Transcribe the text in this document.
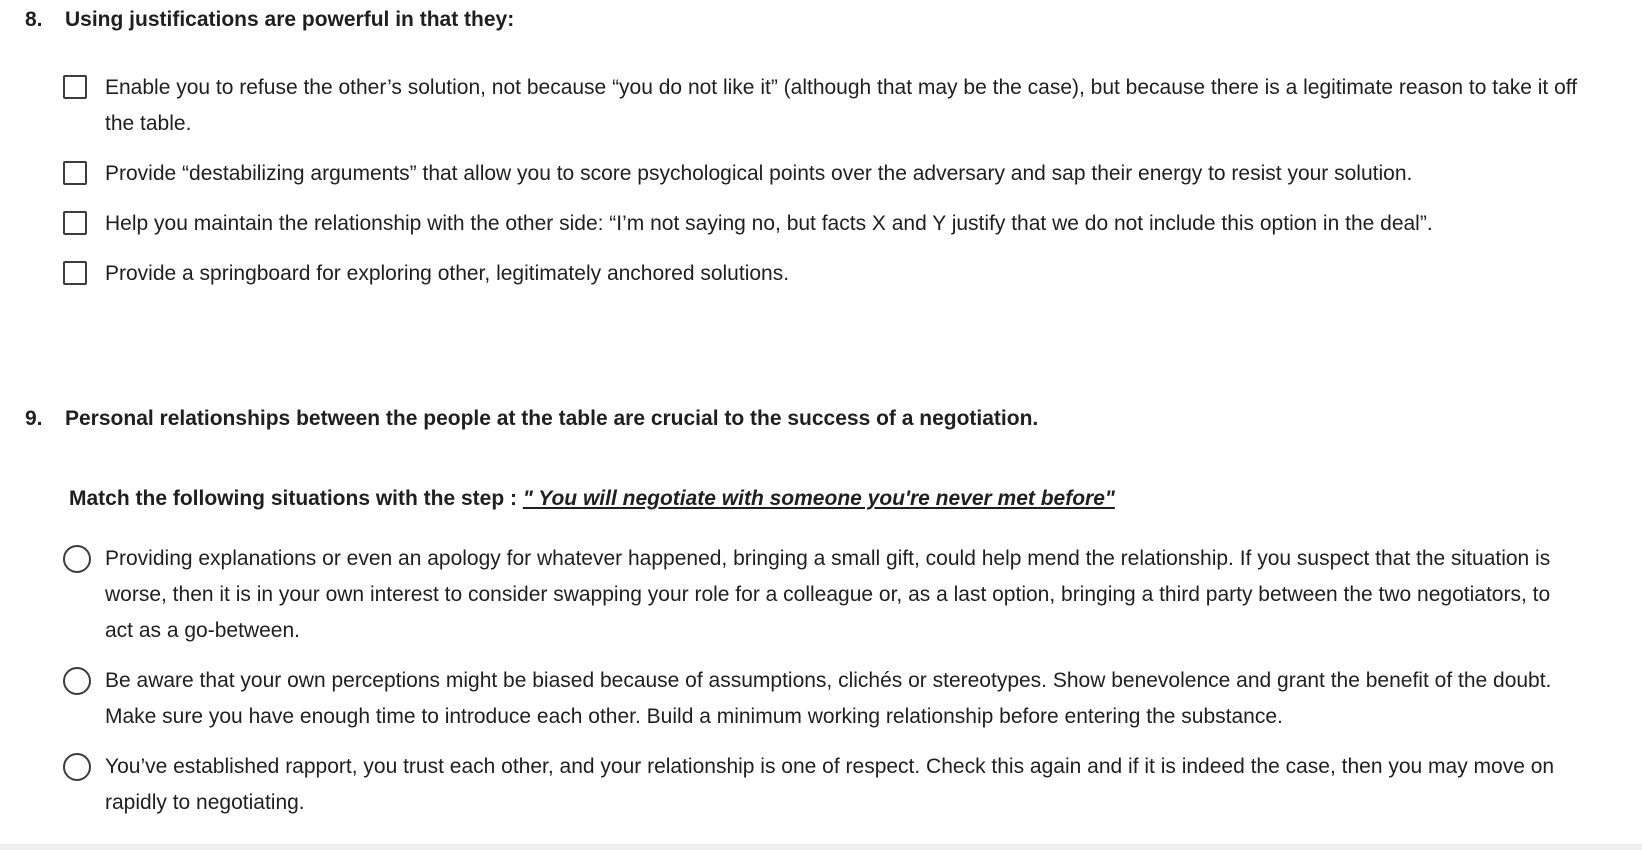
8.	Using justifications are powerful in that they:
Enable you to refuse the other’s solution, not because “you do not like it” (although that may be the case), but because there is a legitimate reason to take it off the table.
Provide “destabilizing arguments” that allow you to score psychological points over the adversary and sap their energy to resist your solution.
Help you maintain the relationship with the other side: “I’m not saying no, but facts X and Y justify that we do not include this option in the deal”.
Provide a springboard for exploring other, legitimately anchored solutions.
9.	Personal relationships between the people at the table are crucial to the success of a negotiation.
Match the following situations with the step : " You will negotiate with someone you're never met before"
Providing explanations or even an apology for whatever happened, bringing a small gift, could help mend the relationship. If you suspect that the situation is worse, then it is in your own interest to consider swapping your role for a colleague or, as a last option, bringing a third party between the two negotiators, to act as a go-between.
Be aware that your own perceptions might be biased because of assumptions, clichés or stereotypes. Show benevolence and grant the benefit of the doubt. Make sure you have enough time to introduce each other. Build a minimum working relationship before entering the substance.
You’ve established rapport, you trust each other, and your relationship is one of respect. Check this again and if it is indeed the case, then you may move on rapidly to negotiating.
